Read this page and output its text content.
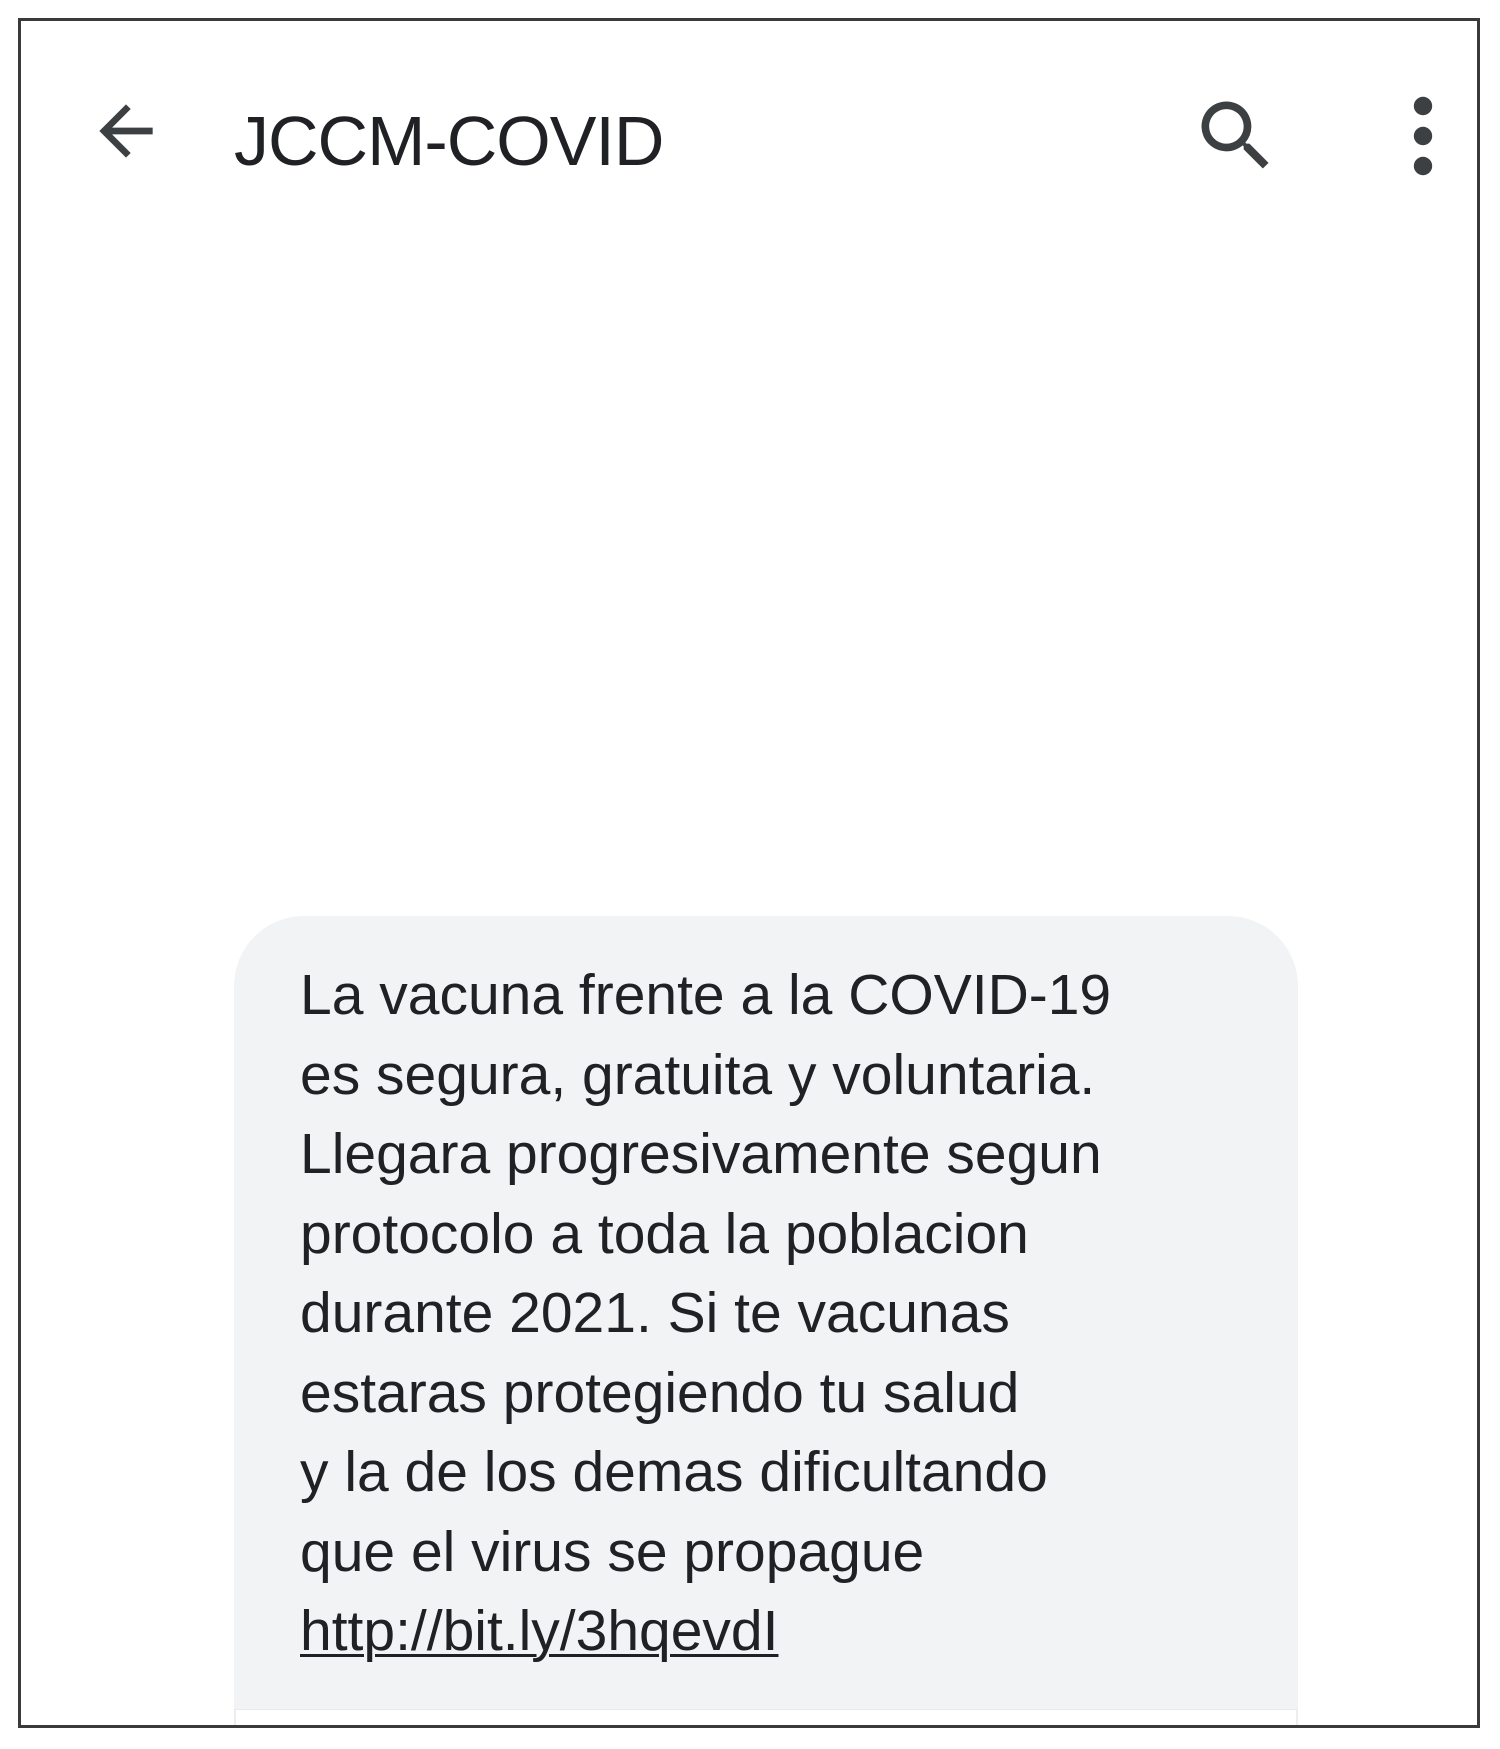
JCCM-COVID

La vacuna frente a la COVID-19
es segura, gratuita y voluntaria.
Llegara progresivamente segun
protocolo a toda la poblacion
durante 2021. Si te vacunas
estaras protegiendo tu salud
y la de los demas dificultando
que el virus se propague

http://bit.ly/3hqevdI
